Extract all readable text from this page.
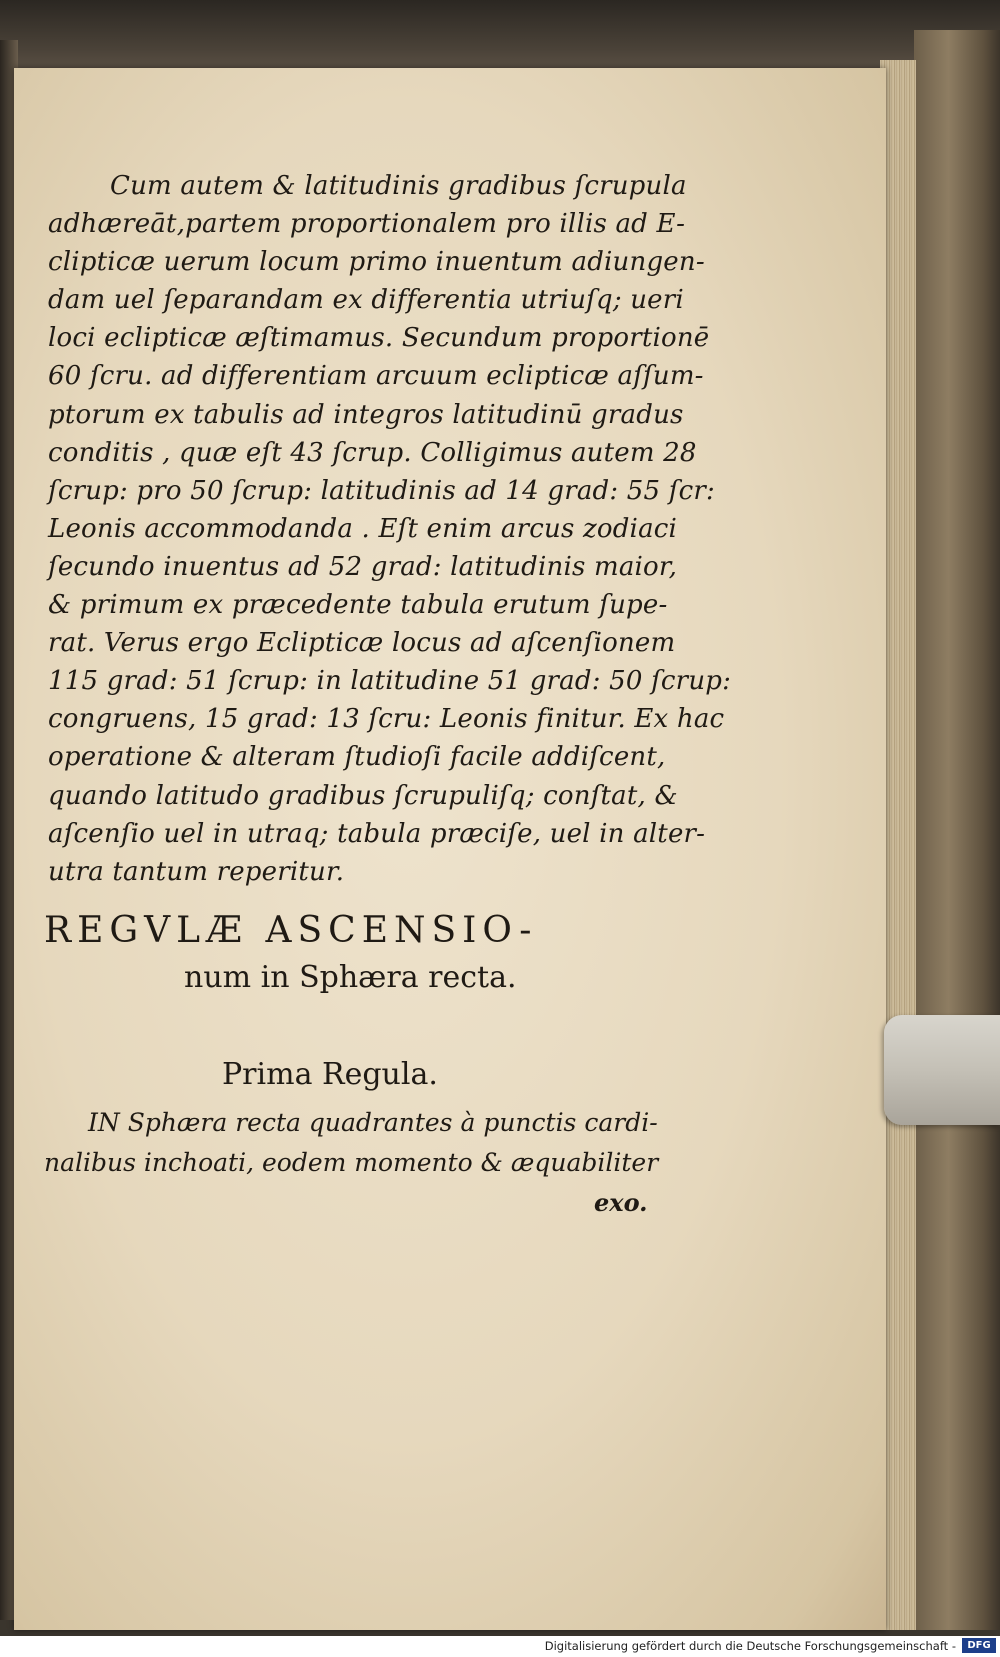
Cum autem & latitudinis gradibus ſcrupula
adhæreāt,partem proportionalem pro illis ad E-
clipticæ uerum locum primo inuentum adiungen-
dam uel ſeparandam ex differentia utriuſq; ueri
loci eclipticæ æſtimamus. Secundum proportionē
60 ſcru. ad differentiam arcuum eclipticæ aſſum-
ptorum ex tabulis ad integros latitudinū gradus
conditis , quæ eſt 43 ſcrup. Colligimus autem 28
ſcrup: pro 50 ſcrup: latitudinis ad 14 grad: 55 ſcr:
Leonis accommodanda . Eſt enim arcus zodiaci
ſecundo inuentus ad 52 grad: latitudinis maior,
& primum ex præcedente tabula erutum ſupe-
rat. Verus ergo Eclipticæ locus ad aſcenſionem
115 grad: 51 ſcrup: in latitudine 51 grad: 50 ſcrup:
congruens, 15 grad: 13 ſcru: Leonis finitur. Ex hac
operatione & alteram ſtudioſi facile addiſcent,
quando latitudo gradibus ſcrupuliſq; conſtat, &
aſcenſio uel in utraq; tabula præciſe, uel in alter-
utra tantum reperitur.
REGVLÆ ASCENSIO-
num in Sphæra recta.
Prima Regula.
IN Sphæra recta quadrantes à punctis cardi-
nalibus inchoati, eodem momento & æquabiliter
exo.
Digitalisierung gefördert durch die Deutsche Forschungsgemeinschaft -	DFG
